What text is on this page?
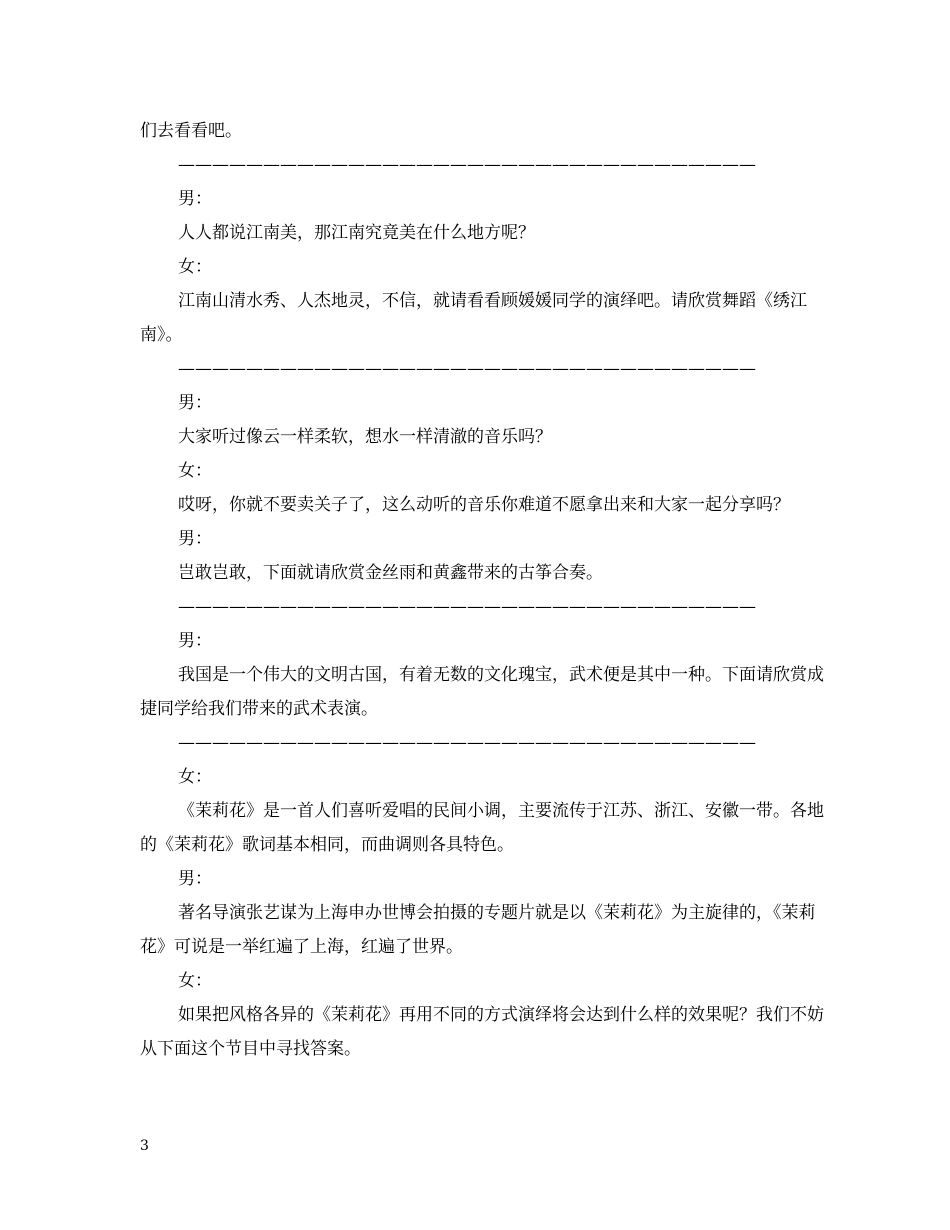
们去看看吧。

——————————————————————————————————

男：

人人都说江南美，那江南究竟美在什么地方呢？

女：

江南山清水秀、人杰地灵，不信，就请看看顾媛媛同学的演绎吧。请欣赏舞蹈《绣江南》。

——————————————————————————————————

男：

大家听过像云一样柔软，想水一样清澈的音乐吗？

女：

哎呀，你就不要卖关子了，这么动听的音乐你难道不愿拿出来和大家一起分享吗？

男：

岂敢岂敢，下面就请欣赏金丝雨和黄鑫带来的古筝合奏。

——————————————————————————————————

男：

我国是一个伟大的文明古国，有着无数的文化瑰宝，武术便是其中一种。下面请欣赏成捷同学给我们带来的武术表演。

——————————————————————————————————

女：

《茉莉花》是一首人们喜听爱唱的民间小调，主要流传于江苏、浙江、安徽一带。各地的《茉莉花》歌词基本相同，而曲调则各具特色。

男：

著名导演张艺谋为上海申办世博会拍摄的专题片就是以《茉莉花》为主旋律的，《茉莉花》可说是一举红遍了上海，红遍了世界。

女：

如果把风格各异的《茉莉花》再用不同的方式演绎将会达到什么样的效果呢？我们不妨从下面这个节目中寻找答案。

3
